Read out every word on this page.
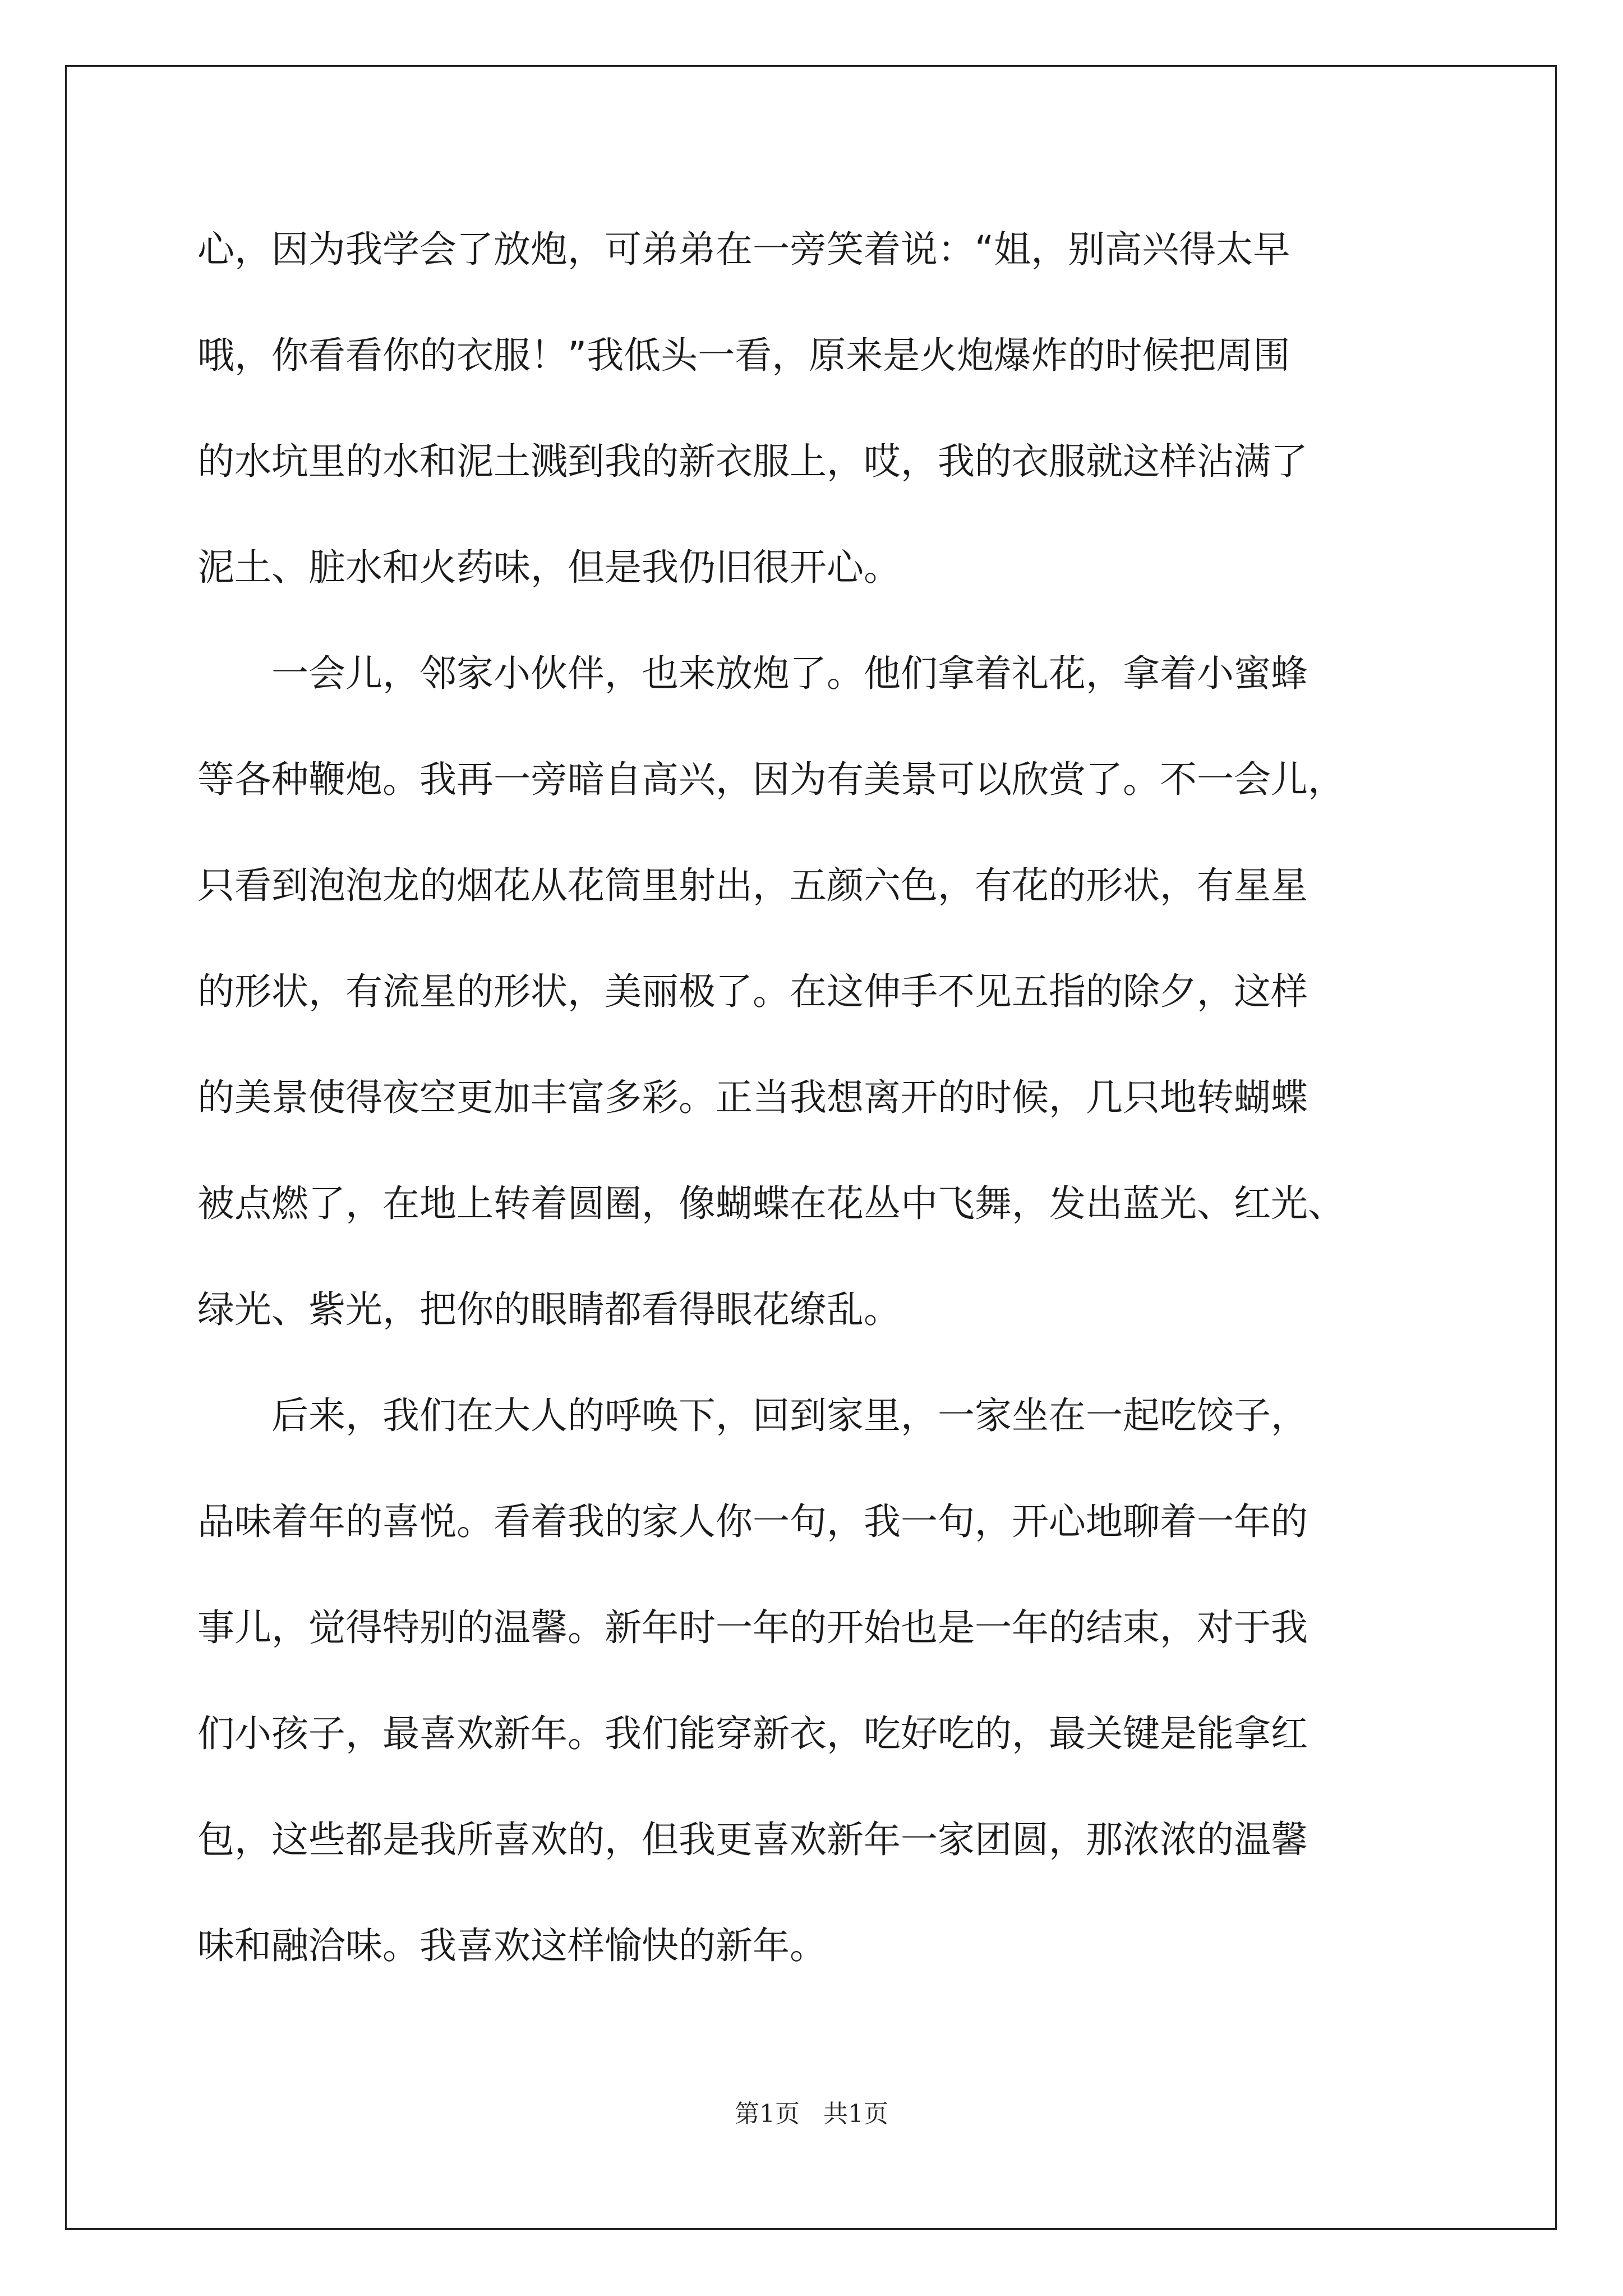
心，因为我学会了放炮，可弟弟在一旁笑着说：“姐，别高兴得太早
哦，你看看你的衣服！”我低头一看，原来是火炮爆炸的时候把周围
的水坑里的水和泥土溅到我的新衣服上，哎，我的衣服就这样沾满了
泥土、脏水和火药味，但是我仍旧很开心。
　　一会儿，邻家小伙伴，也来放炮了。他们拿着礼花，拿着小蜜蜂
等各种鞭炮。我再一旁暗自高兴，因为有美景可以欣赏了。不一会儿，
只看到泡泡龙的烟花从花筒里射出，五颜六色，有花的形状，有星星
的形状，有流星的形状，美丽极了。在这伸手不见五指的除夕，这样
的美景使得夜空更加丰富多彩。正当我想离开的时候，几只地转蝴蝶
被点燃了，在地上转着圆圈，像蝴蝶在花丛中飞舞，发出蓝光、红光、
绿光、紫光，把你的眼睛都看得眼花缭乱。
　　后来，我们在大人的呼唤下，回到家里，一家坐在一起吃饺子，
品味着年的喜悦。看着我的家人你一句，我一句，开心地聊着一年的
事儿，觉得特别的温馨。新年时一年的开始也是一年的结束，对于我
们小孩子，最喜欢新年。我们能穿新衣，吃好吃的，最关键是能拿红
包，这些都是我所喜欢的，但我更喜欢新年一家团圆，那浓浓的温馨
味和融洽味。我喜欢这样愉快的新年。
第1页   共1页
